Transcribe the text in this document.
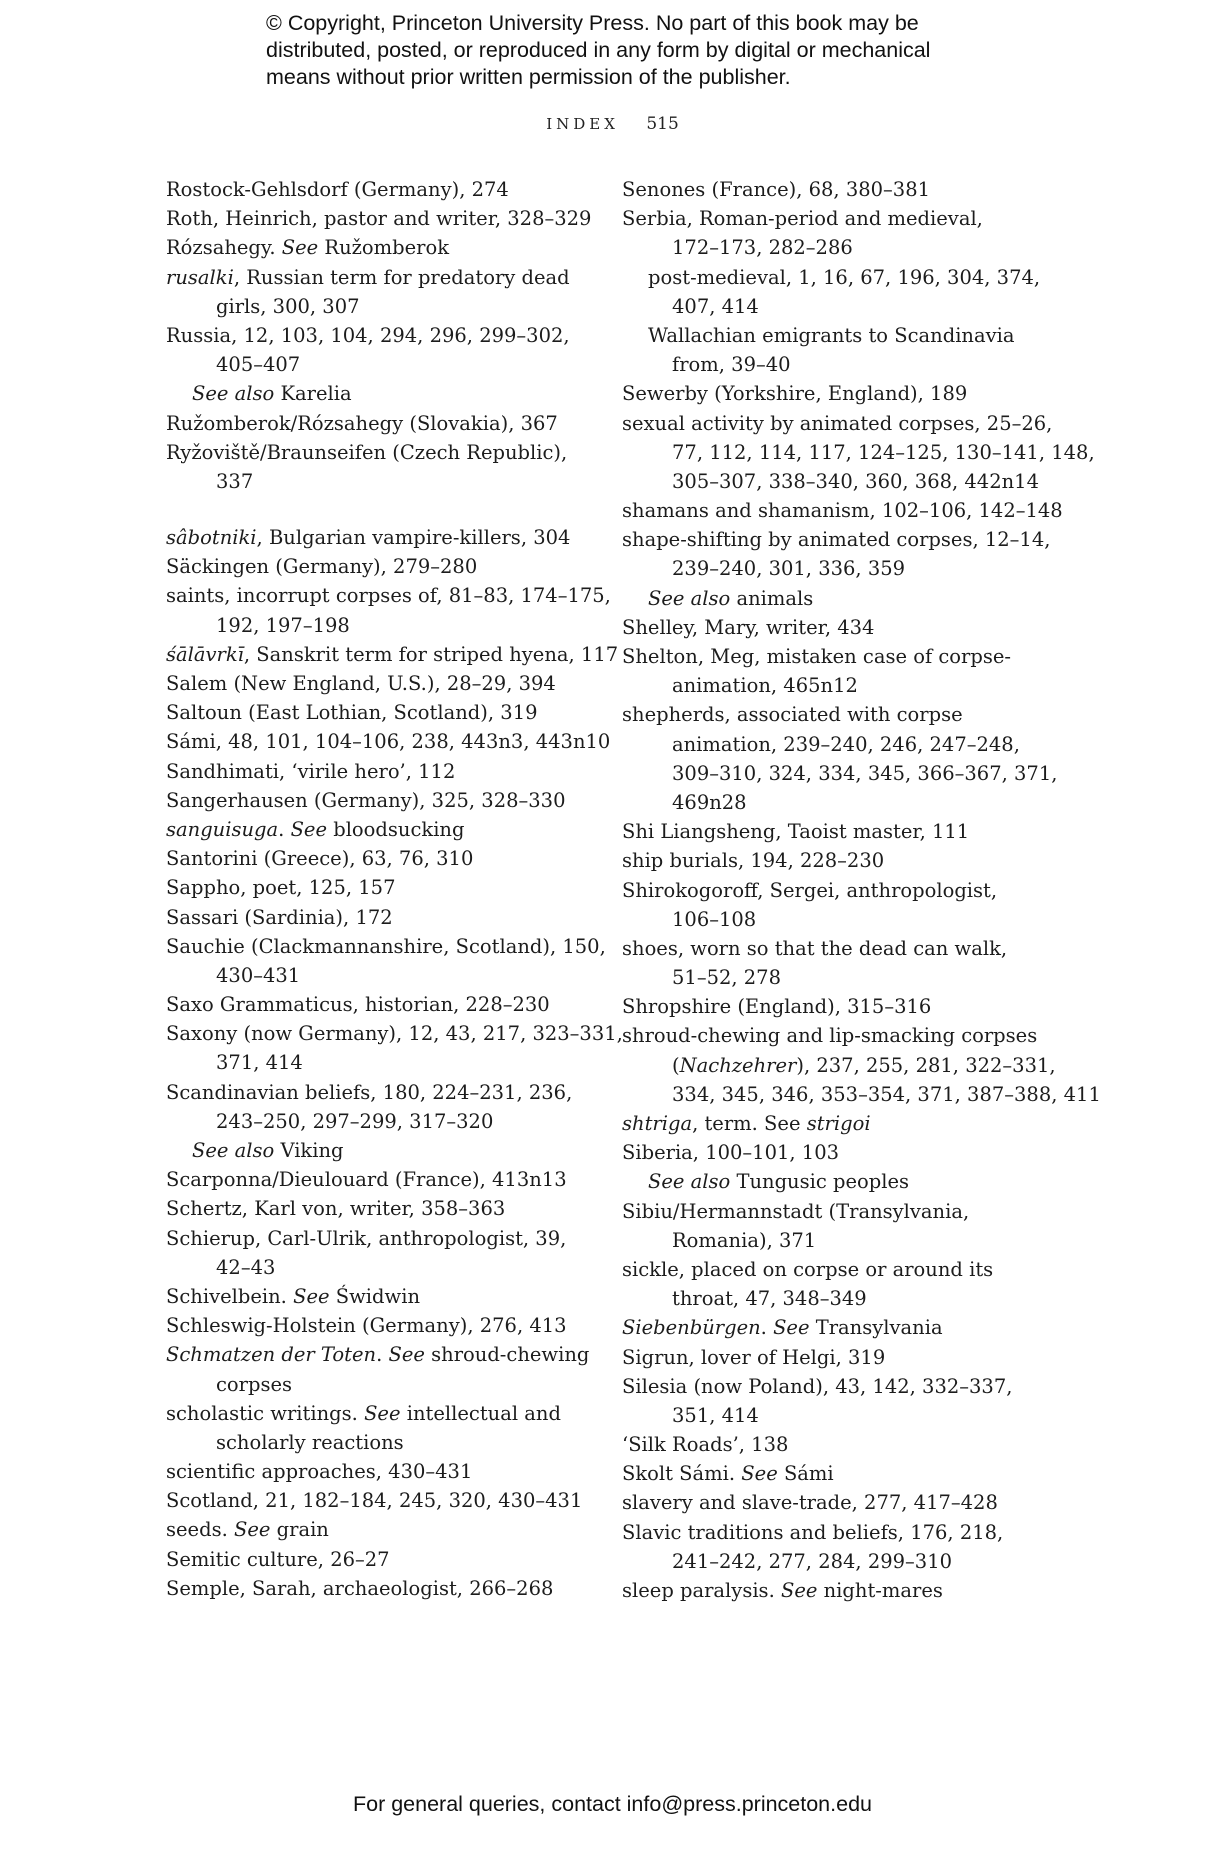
© Copyright, Princeton University Press. No part of this book may be
distributed, posted, or reproduced in any form by digital or mechanical
means without prior written permission of the publisher.
INDEX 515
Rostock-Gehlsdorf (Germany), 274
Roth, Heinrich, pastor and writer, 328–329
Rózsahegy. See Ružomberok
rusalki, Russian term for predatory dead
girls, 300, 307
Russia, 12, 103, 104, 294, 296, 299–302,
405–407
See also Karelia
Ružomberok/Rózsahegy (Slovakia), 367
Ryžoviště/Braunseifen (Czech Republic),
337
sâbotniki, Bulgarian vampire-killers, 304
Säckingen (Germany), 279–280
saints, incorrupt corpses of, 81–83, 174–175,
192, 197–198
śālāvrkī, Sanskrit term for striped hyena, 117
Salem (New England, U.S.), 28–29, 394
Saltoun (East Lothian, Scotland), 319
Sámi, 48, 101, 104–106, 238, 443n3, 443n10
Sandhimati, ‘virile hero’, 112
Sangerhausen (Germany), 325, 328–330
sanguisuga. See bloodsucking
Santorini (Greece), 63, 76, 310
Sappho, poet, 125, 157
Sassari (Sardinia), 172
Sauchie (Clackmannanshire, Scotland), 150,
430–431
Saxo Grammaticus, historian, 228–230
Saxony (now Germany), 12, 43, 217, 323–331,
371, 414
Scandinavian beliefs, 180, 224–231, 236,
243–250, 297–299, 317–320
See also Viking
Scarponna/Dieulouard (France), 413n13
Schertz, Karl von, writer, 358–363
Schierup, Carl-Ulrik, anthropologist, 39,
42–43
Schivelbein. See Świdwin
Schleswig-Holstein (Germany), 276, 413
Schmatzen der Toten. See shroud-chewing
corpses
scholastic writings. See intellectual and
scholarly reactions
scientific approaches, 430–431
Scotland, 21, 182–184, 245, 320, 430–431
seeds. See grain
Semitic culture, 26–27
Semple, Sarah, archaeologist, 266–268
Senones (France), 68, 380–381
Serbia, Roman-period and medieval,
172–173, 282–286
post-medieval, 1, 16, 67, 196, 304, 374,
407, 414
Wallachian emigrants to Scandinavia
from, 39–40
Sewerby (Yorkshire, England), 189
sexual activity by animated corpses, 25–26,
77, 112, 114, 117, 124–125, 130–141, 148,
305–307, 338–340, 360, 368, 442n14
shamans and shamanism, 102–106, 142–148
shape-shifting by animated corpses, 12–14,
239–240, 301, 336, 359
See also animals
Shelley, Mary, writer, 434
Shelton, Meg, mistaken case of corpse-
animation, 465n12
shepherds, associated with corpse
animation, 239–240, 246, 247–248,
309–310, 324, 334, 345, 366–367, 371,
469n28
Shi Liangsheng, Taoist master, 111
ship burials, 194, 228–230
Shirokogoroff, Sergei, anthropologist,
106–108
shoes, worn so that the dead can walk,
51–52, 278
Shropshire (England), 315–316
shroud-chewing and lip-smacking corpses
(Nachzehrer), 237, 255, 281, 322–331,
334, 345, 346, 353–354, 371, 387–388, 411
shtriga, term. See strigoi
Siberia, 100–101, 103
See also Tungusic peoples
Sibiu/Hermannstadt (Transylvania,
Romania), 371
sickle, placed on corpse or around its
throat, 47, 348–349
Siebenbürgen. See Transylvania
Sigrun, lover of Helgi, 319
Silesia (now Poland), 43, 142, 332–337,
351, 414
‘Silk Roads’, 138
Skolt Sámi. See Sámi
slavery and slave-trade, 277, 417–428
Slavic traditions and beliefs, 176, 218,
241–242, 277, 284, 299–310
sleep paralysis. See night-mares
For general queries, contact info@press.princeton.edu
